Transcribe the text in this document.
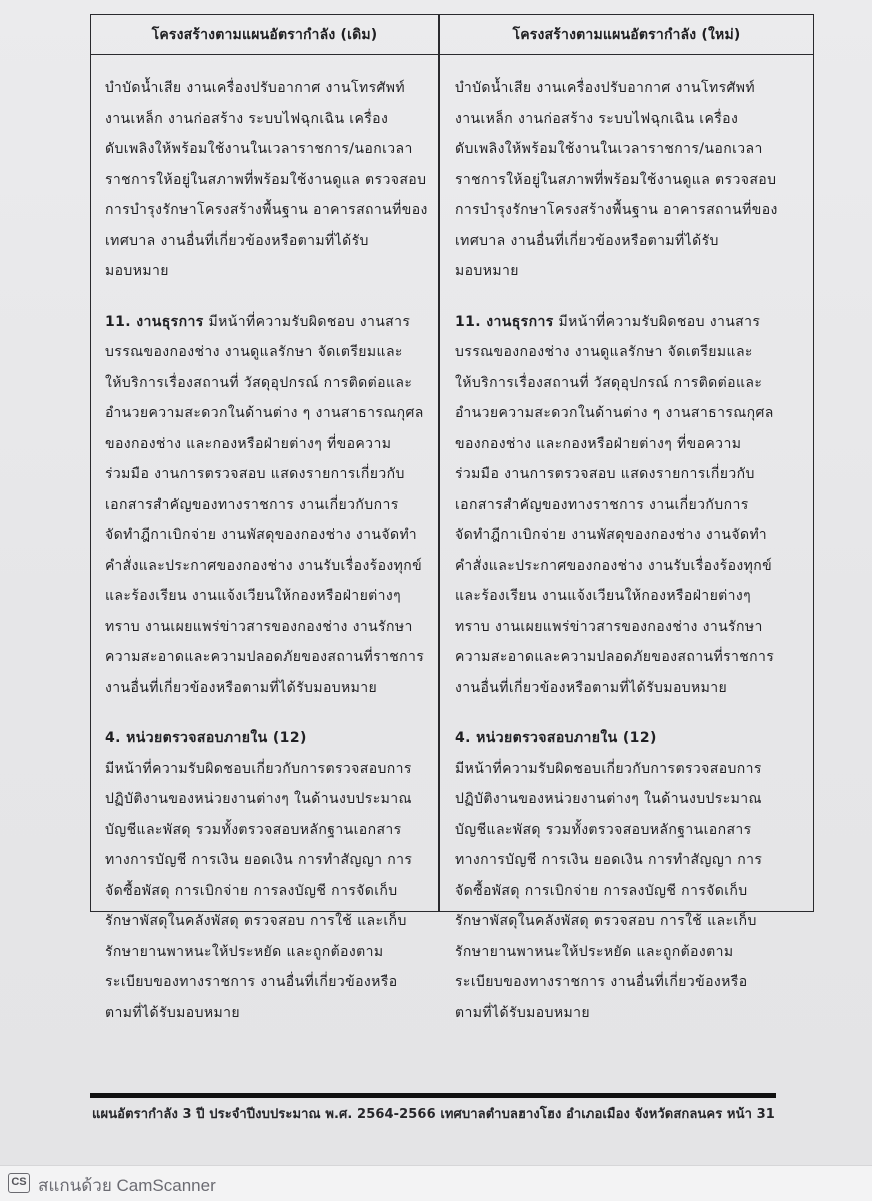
โครงสร้างตามแผนอัตรากำลัง (เดิม)	โครงสร้างตามแผนอัตรากำลัง (ใหม่)
บำบัดน้ำเสีย งานเครื่องปรับอากาศ งานโทรศัพท์
งานเหล็ก งานก่อสร้าง ระบบไฟฉุกเฉิน เครื่อง
ดับเพลิงให้พร้อมใช้งานในเวลาราชการ/นอกเวลา
ราชการให้อยู่ในสภาพที่พร้อมใช้งานดูแล ตรวจสอบ
การบำรุงรักษาโครงสร้างพื้นฐาน อาคารสถานที่ของ
เทศบาล งานอื่นที่เกี่ยวข้องหรือตามที่ได้รับ
มอบหมาย
11. งานธุรการ มีหน้าที่ความรับผิดชอบ งานสาร
บรรณของกองช่าง งานดูแลรักษา จัดเตรียมและ
ให้บริการเรื่องสถานที่ วัสดุอุปกรณ์ การติดต่อและ
อำนวยความสะดวกในด้านต่าง ๆ งานสาธารณกุศล
ของกองช่าง และกองหรือฝ่ายต่างๆ ที่ขอความ
ร่วมมือ งานการตรวจสอบ แสดงรายการเกี่ยวกับ
เอกสารสำคัญของทางราชการ งานเกี่ยวกับการ
จัดทำฎีกาเบิกจ่าย งานพัสดุของกองช่าง งานจัดทำ
คำสั่งและประกาศของกองช่าง งานรับเรื่องร้องทุกข์
และร้องเรียน งานแจ้งเวียนให้กองหรือฝ่ายต่างๆ
ทราบ งานเผยแพร่ข่าวสารของกองช่าง งานรักษา
ความสะอาดและความปลอดภัยของสถานที่ราชการ
งานอื่นที่เกี่ยวข้องหรือตามที่ได้รับมอบหมาย
4. หน่วยตรวจสอบภายใน (12)
มีหน้าที่ความรับผิดชอบเกี่ยวกับการตรวจสอบการ
ปฏิบัติงานของหน่วยงานต่างๆ ในด้านงบประมาณ
บัญชีและพัสดุ รวมทั้งตรวจสอบหลักฐานเอกสาร
ทางการบัญชี การเงิน ยอดเงิน การทำสัญญา การ
จัดซื้อพัสดุ การเบิกจ่าย การลงบัญชี การจัดเก็บ
รักษาพัสดุในคลังพัสดุ ตรวจสอบ การใช้ และเก็บ
รักษายานพาหนะให้ประหยัด และถูกต้องตาม
ระเบียบของทางราชการ งานอื่นที่เกี่ยวข้องหรือ
ตามที่ได้รับมอบหมาย
บำบัดน้ำเสีย งานเครื่องปรับอากาศ งานโทรศัพท์
งานเหล็ก งานก่อสร้าง ระบบไฟฉุกเฉิน เครื่อง
ดับเพลิงให้พร้อมใช้งานในเวลาราชการ/นอกเวลา
ราชการให้อยู่ในสภาพที่พร้อมใช้งานดูแล ตรวจสอบ
การบำรุงรักษาโครงสร้างพื้นฐาน อาคารสถานที่ของ
เทศบาล งานอื่นที่เกี่ยวข้องหรือตามที่ได้รับ
มอบหมาย
11. งานธุรการ มีหน้าที่ความรับผิดชอบ งานสาร
บรรณของกองช่าง งานดูแลรักษา จัดเตรียมและ
ให้บริการเรื่องสถานที่ วัสดุอุปกรณ์ การติดต่อและ
อำนวยความสะดวกในด้านต่าง ๆ งานสาธารณกุศล
ของกองช่าง และกองหรือฝ่ายต่างๆ ที่ขอความ
ร่วมมือ งานการตรวจสอบ แสดงรายการเกี่ยวกับ
เอกสารสำคัญของทางราชการ งานเกี่ยวกับการ
จัดทำฎีกาเบิกจ่าย งานพัสดุของกองช่าง งานจัดทำ
คำสั่งและประกาศของกองช่าง งานรับเรื่องร้องทุกข์
และร้องเรียน งานแจ้งเวียนให้กองหรือฝ่ายต่างๆ
ทราบ งานเผยแพร่ข่าวสารของกองช่าง งานรักษา
ความสะอาดและความปลอดภัยของสถานที่ราชการ
งานอื่นที่เกี่ยวข้องหรือตามที่ได้รับมอบหมาย
4. หน่วยตรวจสอบภายใน (12)
มีหน้าที่ความรับผิดชอบเกี่ยวกับการตรวจสอบการ
ปฏิบัติงานของหน่วยงานต่างๆ ในด้านงบประมาณ
บัญชีและพัสดุ รวมทั้งตรวจสอบหลักฐานเอกสาร
ทางการบัญชี การเงิน ยอดเงิน การทำสัญญา การ
จัดซื้อพัสดุ การเบิกจ่าย การลงบัญชี การจัดเก็บ
รักษาพัสดุในคลังพัสดุ ตรวจสอบ การใช้ และเก็บ
รักษายานพาหนะให้ประหยัด และถูกต้องตาม
ระเบียบของทางราชการ งานอื่นที่เกี่ยวข้องหรือ
ตามที่ได้รับมอบหมาย
แผนอัตรากำลัง 3 ปี ประจำปีงบประมาณ พ.ศ. 2564-2566 เทศบาลตำบลฮางโฮง อำเภอเมือง จังหวัดสกลนคร หน้า 31
CS สแกนด้วย CamScanner
